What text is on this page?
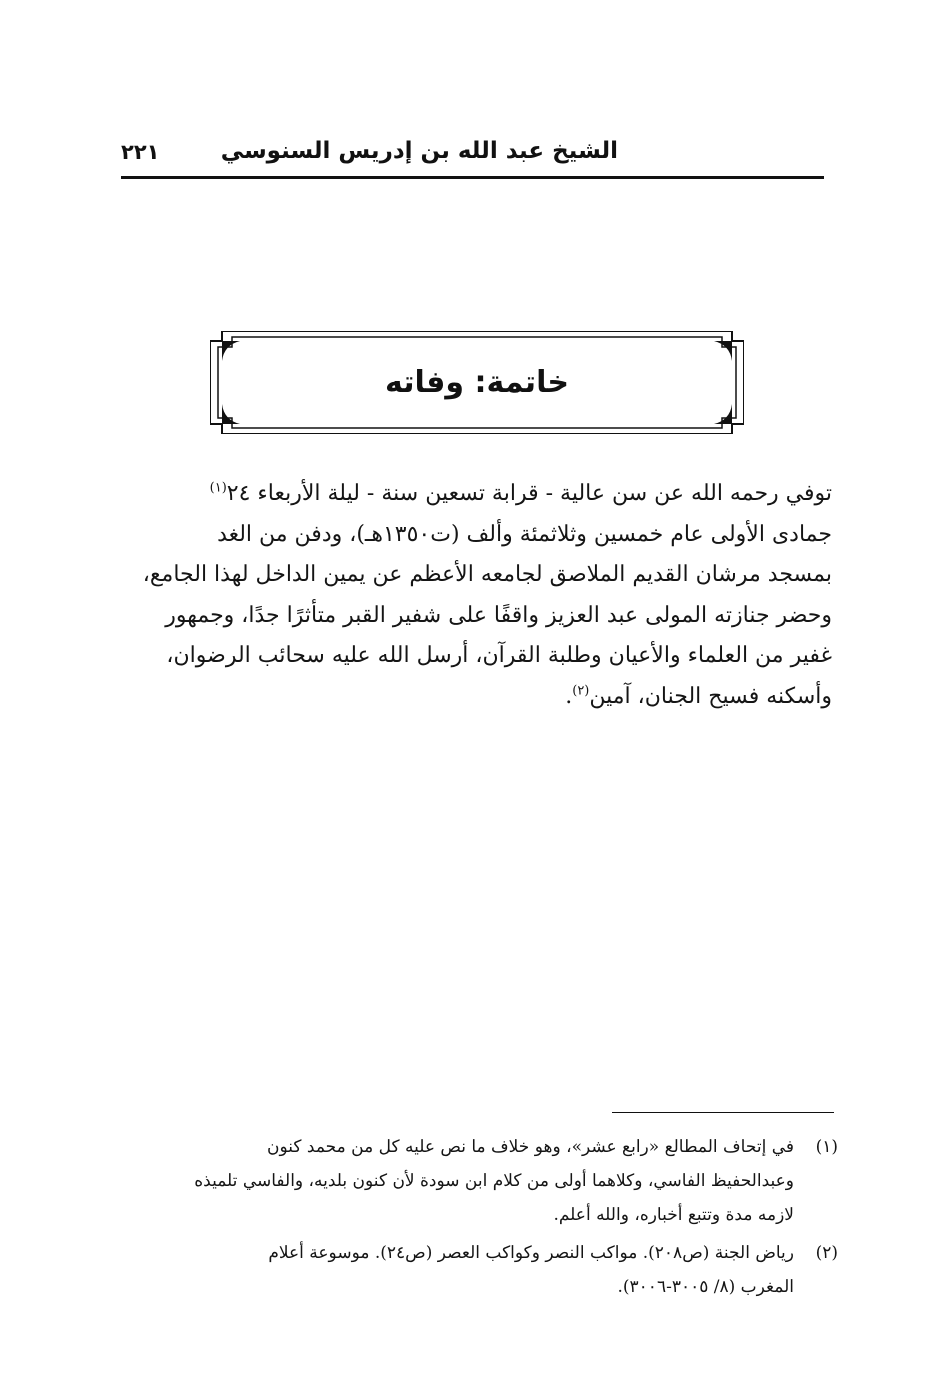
الشيخ عبد الله بن إدريس السنوسي
٢٢١
خاتمة: وفاته
توفي رحمه الله عن سن عالية - قرابة تسعين سنة - ليلة الأربعاء ٢٤$^{(١)}$
جمادى الأولى عام خمسين وثلاثمئة وألف (ت١٣٥٠هـ)، ودفن من الغد
بمسجد مرشان القديم الملاصق لجامعه الأعظم عن يمين الداخل لهذا الجامع،
وحضر جنازته المولى عبد العزيز واقفًا على شفير القبر متأثرًا جدًا، وجمهور
غفير من العلماء والأعيان وطلبة القرآن، أرسل الله عليه سحائب الرضوان،
وأسكنه فسيح الجنان، آمين$^{(٢)}$.
(١)
في إتحاف المطالع «رابع عشر»، وهو خلاف ما نص عليه كل من محمد كنون
وعبدالحفيظ الفاسي، وكلاهما أولى من كلام ابن سودة لأن كنون بلديه، والفاسي تلميذه
لازمه مدة وتتبع أخباره، والله أعلم.
(٢)
رياض الجنة (ص٢٠٨). مواكب النصر وكواكب العصر (ص٢٤). موسوعة أعلام
المغرب (٨/ ٣٠٠٥-٣٠٠٦).
